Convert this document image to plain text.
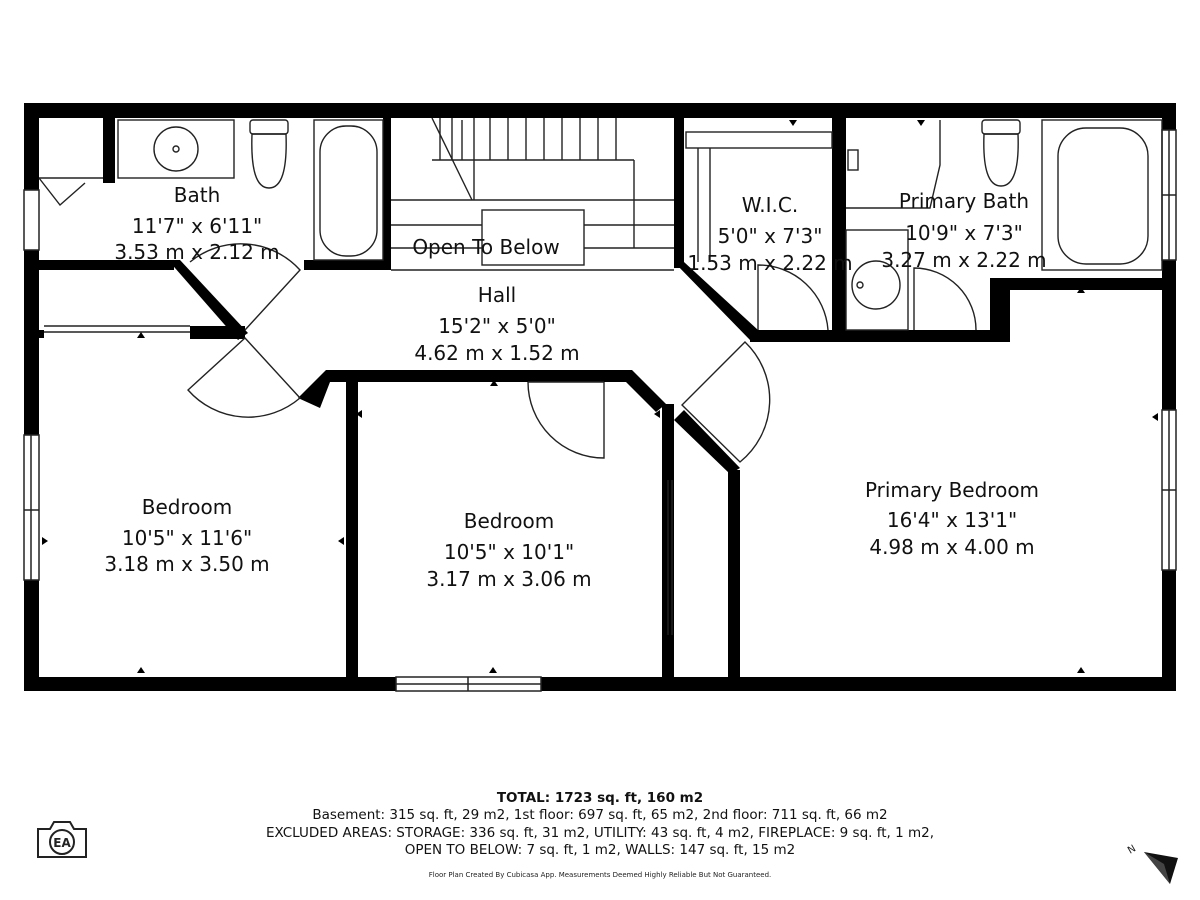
Bath
11'7" x 6'11"
3.53 m x 2.12 m	Open To Below
W.I.C.
5'0" x 7'3"
1.53 m x 2.22 m
Primary Bath
10'9" x 7'3"
3.27 m x 2.22 m
Hall
15'2" x 5'0"
4.62 m x 1.52 m
Bedroom
10'5" x 11'6"
3.18 m x 3.50 m
Bedroom
10'5" x 10'1"
3.17 m x 3.06 m
Primary Bedroom
16'4" x 13'1"
4.98 m x 4.00 m
EA
TOTAL: 1723 sq. ft, 160 m2
Basement: 315 sq. ft, 29 m2, 1st floor: 697 sq. ft, 65 m2, 2nd floor: 711 sq. ft, 66 m2
EXCLUDED AREAS: STORAGE: 336 sq. ft, 31 m2, UTILITY: 43 sq. ft, 4 m2, FIREPLACE: 9 sq. ft, 1 m2,
OPEN TO BELOW: 7 sq. ft, 1 m2, WALLS: 147 sq. ft, 15 m2
Floor Plan Created By Cubicasa App. Measurements Deemed Highly Reliable But Not Guaranteed.
N
